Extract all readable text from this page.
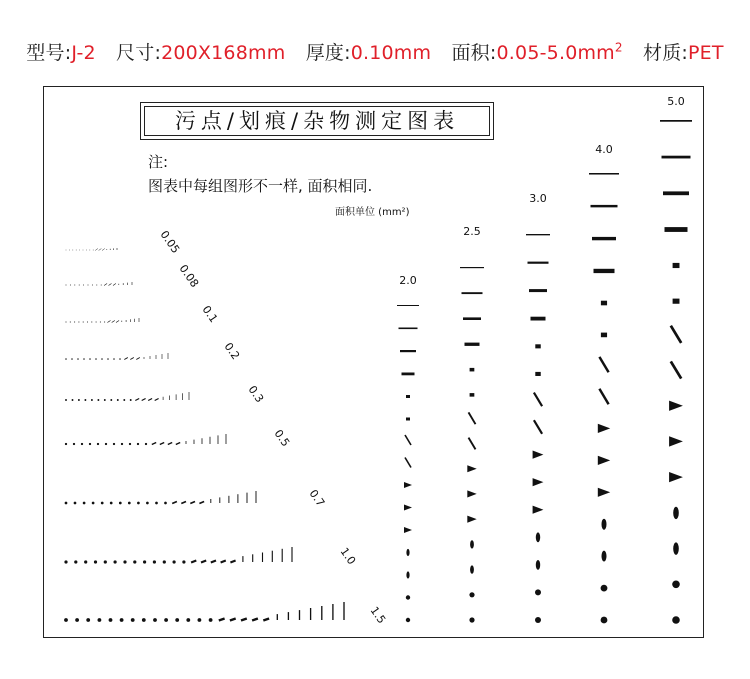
型号:J-2 尺寸:200X168mm 厚度:0.10mm 面积$:0.05-5.0mm^2$ 材质:PET
污点/划痕/杂物测定图表
注:
图表中每组图形不一样, 面积相同.
面积单位 (mm²)
0.05
0.08
0.1
0.2
0.3
0.5
0.7
1.0
1.5
2.0
2.5
3.0
4.0
5.0
